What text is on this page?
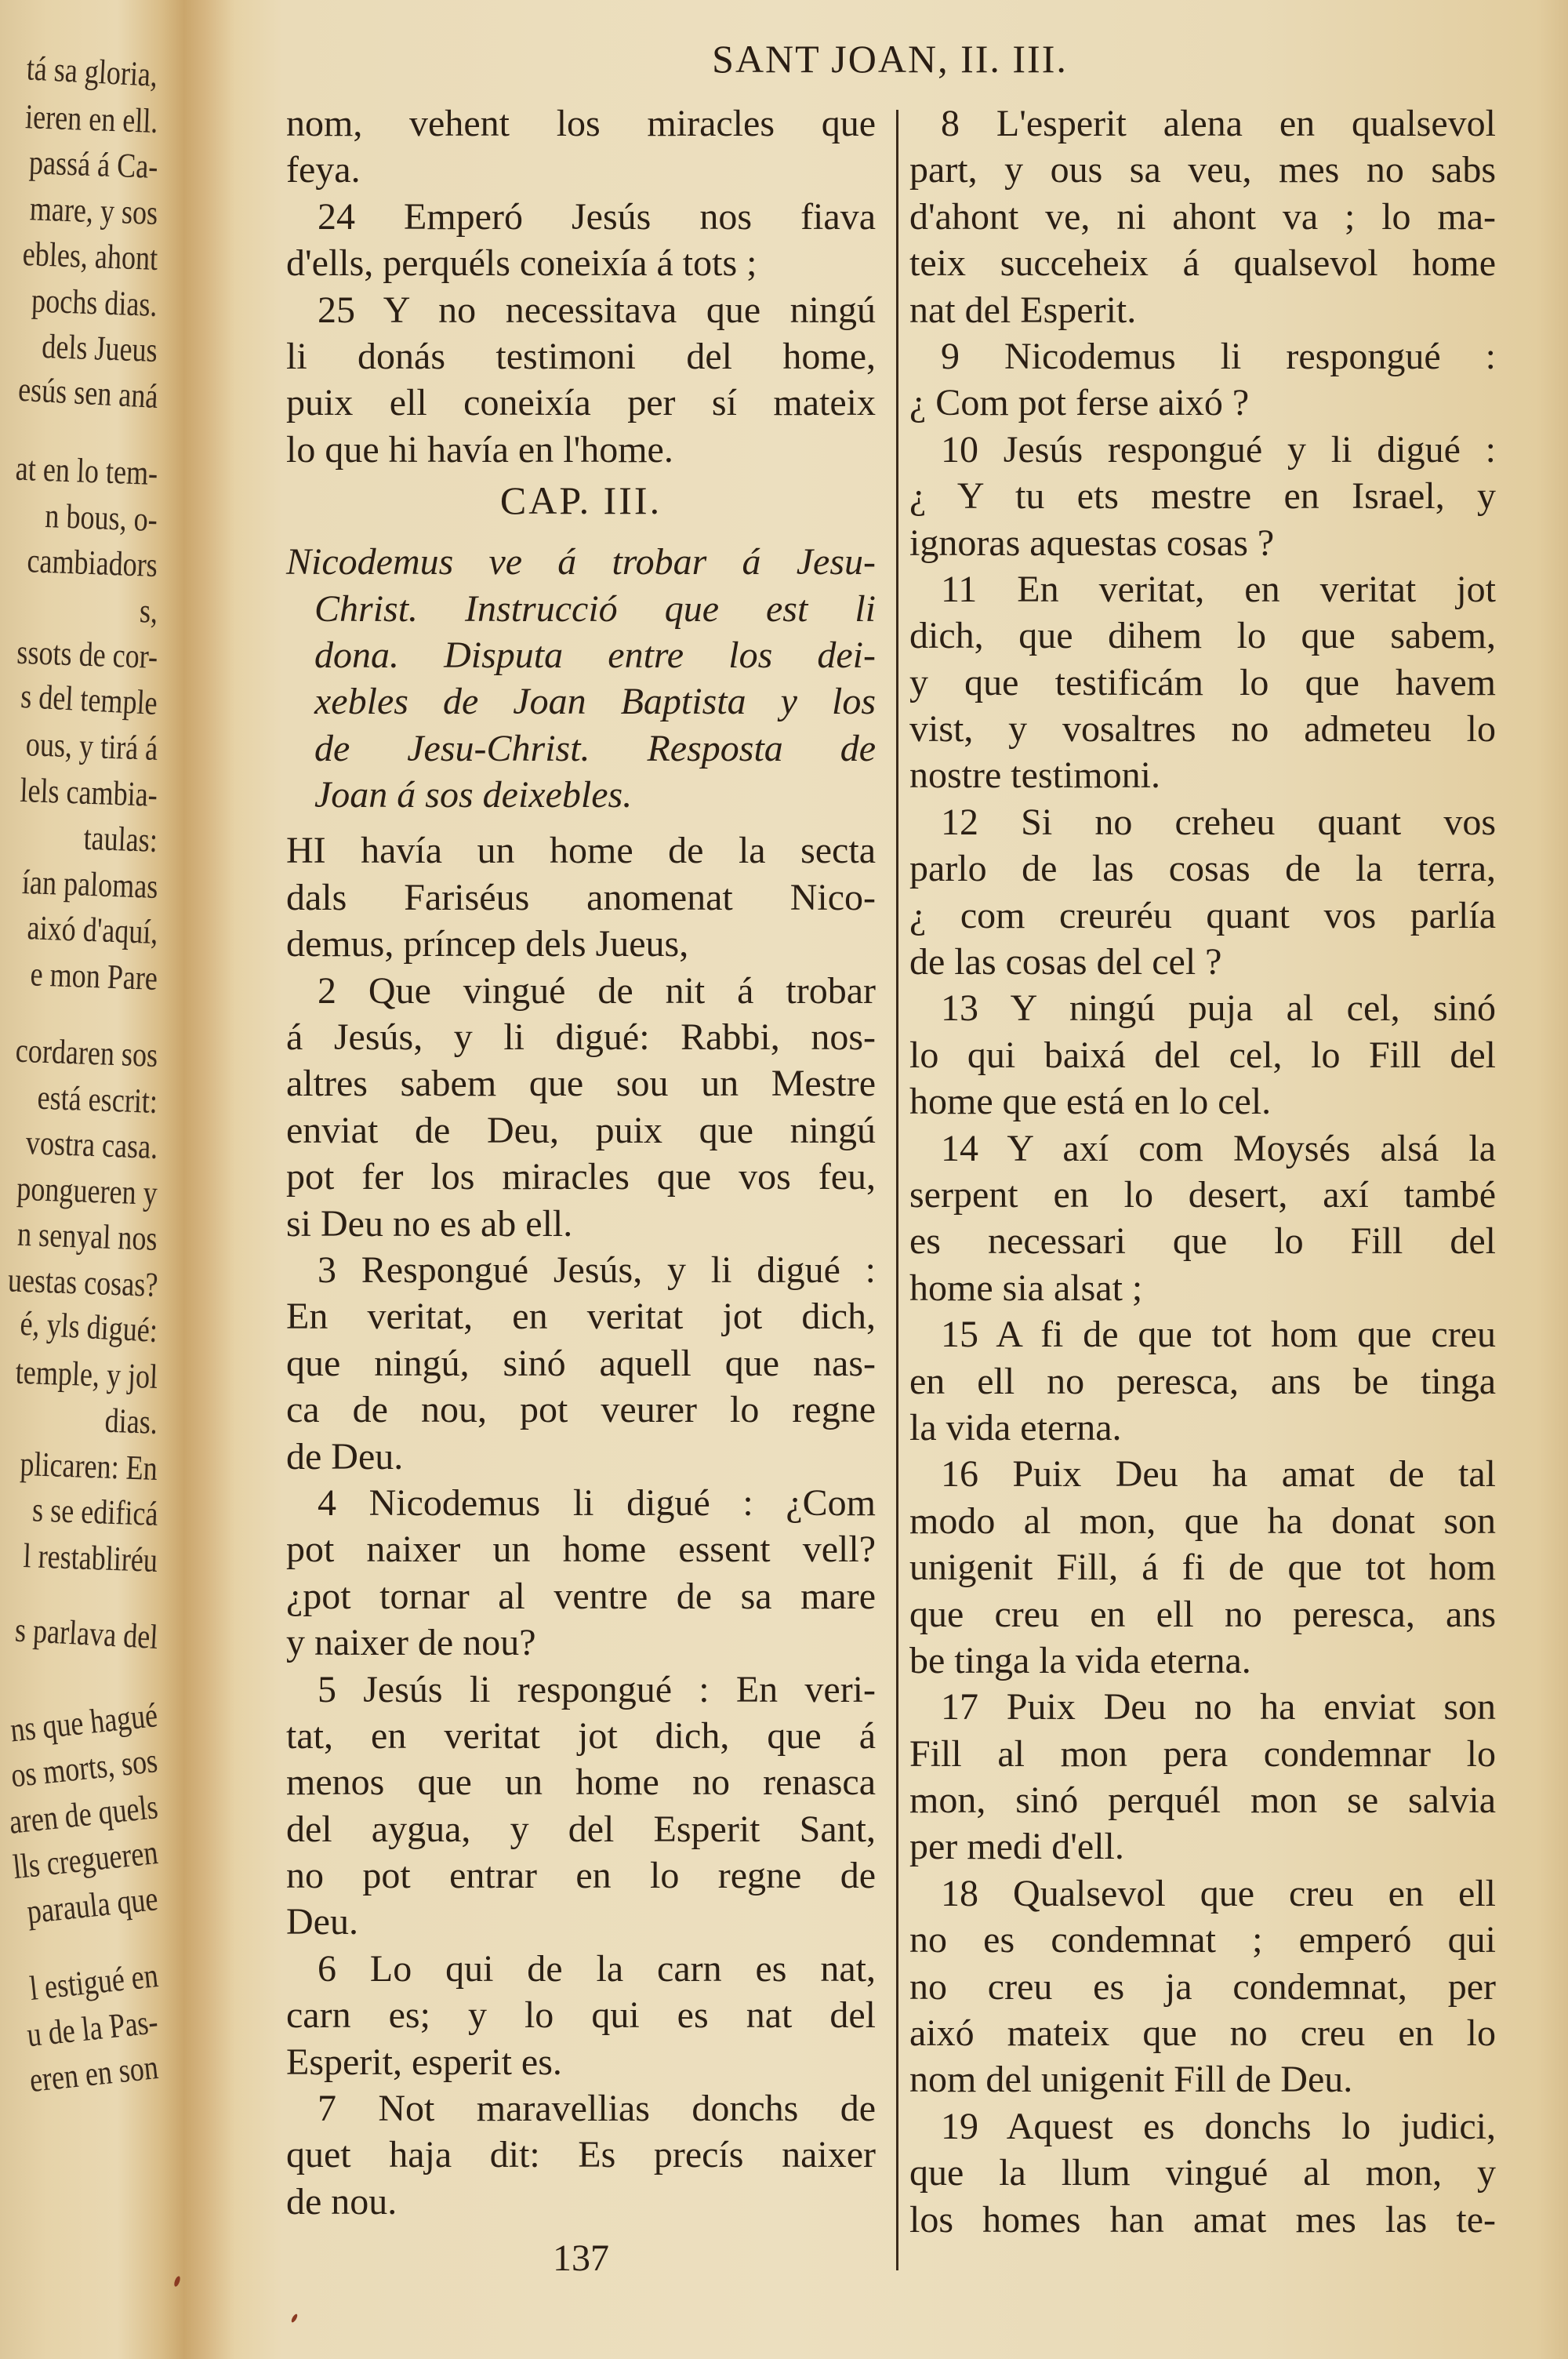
tá sa gloria,
ieren en ell.
passá á Ca-
mare, y sos
ebles, ahont
pochs dias.
dels Jueus
esús sen aná
at en lo tem-
n bous, o-
cambiadors
s,
ssots de cor-
s del temple
ous, y tirá á
lels cambia-
taulas:
ían palomas
aixó d'aquí,
e mon Pare
cordaren sos
está escrit:
vostra casa.
pongueren y
n senyal nos
uestas cosas?
é, yls digué:
temple, y jol
dias.
plicaren: En
s se edificá
l restabliréu
s parlava del
ns que hagué
os morts, sos
aren de quels
lls cregueren
paraula que
l estigué en
u de la Pas-
eren en son
SANT JOAN, II. III.
nom, vehent los miracles que
feya.
24 Emperó Jesús nos fiava
d'ells, perquéls coneixía á tots ;
25 Y no necessitava que ningú
li donás testimoni del home,
puix ell coneixía per sí mateix
lo que hi havía en l'home.
CAP. III.
Nicodemus ve á trobar á Jesu-
Christ. Instrucció que est li
dona. Disputa entre los dei-
xebles de Joan Baptista y los
de Jesu-Christ. Resposta de
Joan á sos deixebles.
HI havía un home de la secta
dals Fariséus anomenat Nico-
demus, príncep dels Jueus,
2 Que vingué de nit á trobar
á Jesús, y li digué: Rabbi, nos-
altres sabem que sou un Mestre
enviat de Deu, puix que ningú
pot fer los miracles que vos feu,
si Deu no es ab ell.
3 Respongué Jesús, y li digué :
En veritat, en veritat jot dich,
que ningú, sinó aquell que nas-
ca de nou, pot veurer lo regne
de Deu.
4 Nicodemus li digué : ¿Com
pot naixer un home essent vell?
¿pot tornar al ventre de sa mare
y naixer de nou?
5 Jesús li respongué : En veri-
tat, en veritat jot dich, que á
menos que un home no renasca
del aygua, y del Esperit Sant,
no pot entrar en lo regne de
Deu.
6 Lo qui de la carn es nat,
carn es; y lo qui es nat del
Esperit, esperit es.
7 Not maravellias donchs de
quet haja dit: Es precís naixer
de nou.
8 L'esperit alena en qualsevol
part, y ous sa veu, mes no sabs
d'ahont ve, ni ahont va ; lo ma-
teix succeheix á qualsevol home
nat del Esperit.
9 Nicodemus li respongué :
¿ Com pot ferse aixó ?
10 Jesús respongué y li digué :
¿ Y tu ets mestre en Israel, y
ignoras aquestas cosas ?
11 En veritat, en veritat jot
dich, que dihem lo que sabem,
y que testificám lo que havem
vist, y vosaltres no admeteu lo
nostre testimoni.
12 Si no creheu quant vos
parlo de las cosas de la terra,
¿ com creuréu quant vos parlía
de las cosas del cel ?
13 Y ningú puja al cel, sinó
lo qui baixá del cel, lo Fill del
home que está en lo cel.
14 Y axí com Moysés alsá la
serpent en lo desert, axí també
es necessari que lo Fill del
home sia alsat ;
15 A fi de que tot hom que creu
en ell no peresca, ans be tinga
la vida eterna.
16 Puix Deu ha amat de tal
modo al mon, que ha donat son
unigenit Fill, á fi de que tot hom
que creu en ell no peresca, ans
be tinga la vida eterna.
17 Puix Deu no ha enviat son
Fill al mon pera condemnar lo
mon, sinó perquél mon se salvia
per medi d'ell.
18 Qualsevol que creu en ell
no es condemnat ; emperó qui
no creu es ja condemnat, per
aixó mateix que no creu en lo
nom del unigenit Fill de Deu.
19 Aquest es donchs lo judici,
que la llum vingué al mon, y
los homes han amat mes las te-
137
